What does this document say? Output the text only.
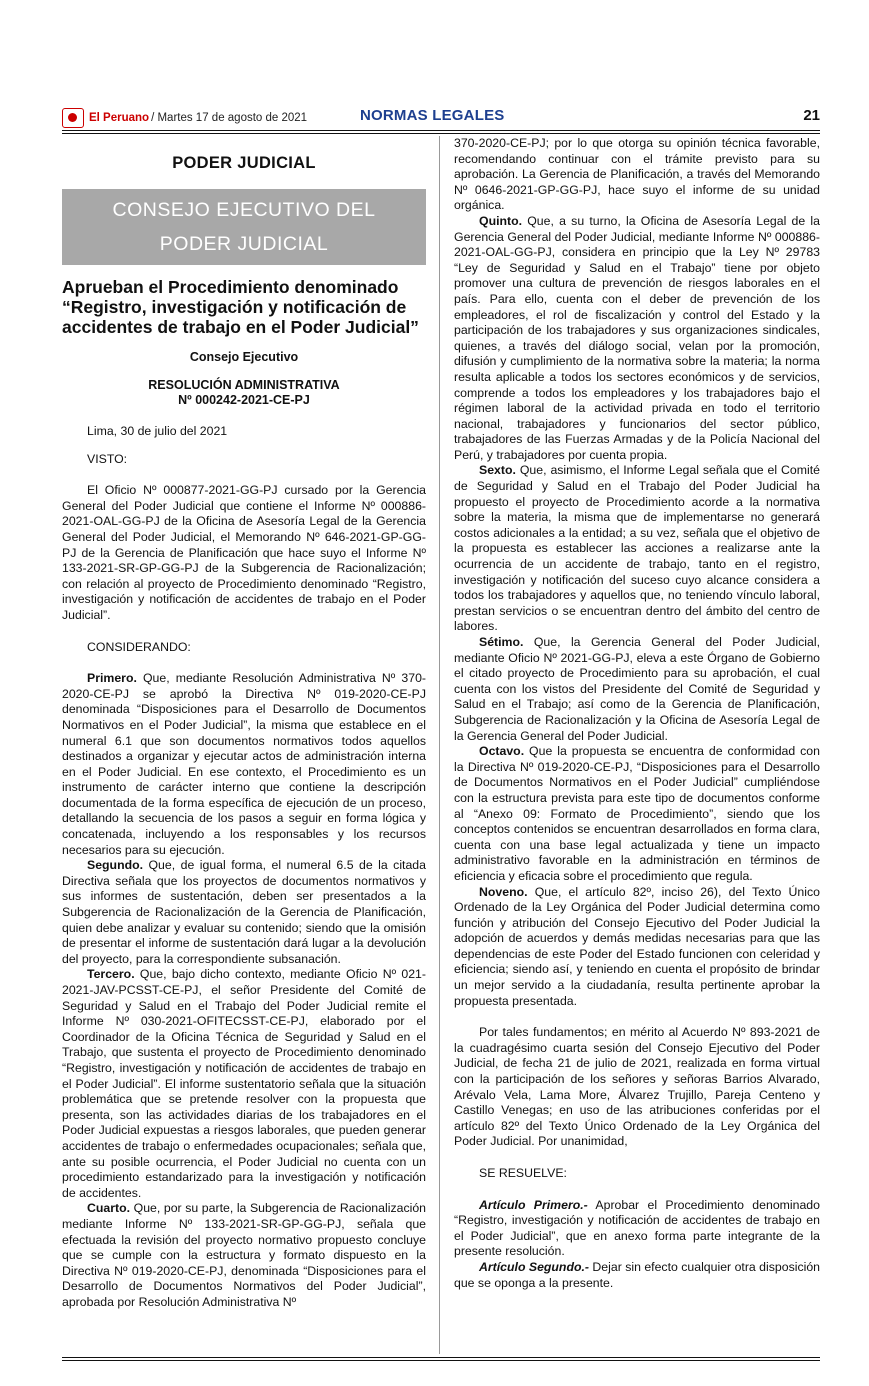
El Peruano / Martes 17 de agosto de 2021	NORMAS LEGALES	21
PODER JUDICIAL
CONSEJO EJECUTIVO DEL
PODER JUDICIAL
Aprueban el Procedimiento denominado “Registro, investigación y notificación de accidentes de trabajo en el Poder Judicial”
Consejo Ejecutivo
RESOLUCIÓN ADMINISTRATIVA
Nº 000242-2021-CE-PJ

Lima, 30 de julio del 2021

VISTO:

El Oficio Nº 000877-2021-GG-PJ cursado por la Gerencia General del Poder Judicial que contiene el Informe Nº 000886-2021-OAL-GG-PJ de la Oficina de Asesoría Legal de la Gerencia General del Poder Judicial, el Memorando Nº 646-2021-GP-GG-PJ de la Gerencia de Planificación que hace suyo el Informe Nº 133-2021-SR-GP-GG-PJ de la Subgerencia de Racionalización; con relación al proyecto de Procedimiento denominado “Registro, investigación y notificación de accidentes de trabajo en el Poder Judicial”.

CONSIDERANDO:

Primero. Que, mediante Resolución Administrativa Nº 370-2020-CE-PJ se aprobó la Directiva Nº 019-2020-CE-PJ denominada “Disposiciones para el Desarrollo de Documentos Normativos en el Poder Judicial”, la misma que establece en el numeral 6.1 que son documentos normativos todos aquellos destinados a organizar y ejecutar actos de administración interna en el Poder Judicial. En ese contexto, el Procedimiento es un instrumento de carácter interno que contiene la descripción documentada de la forma específica de ejecución de un proceso, detallando la secuencia de los pasos a seguir en forma lógica y concatenada, incluyendo a los responsables y los recursos necesarios para su ejecución.

Segundo. Que, de igual forma, el numeral 6.5 de la citada Directiva señala que los proyectos de documentos normativos y sus informes de sustentación, deben ser presentados a la Subgerencia de Racionalización de la Gerencia de Planificación, quien debe analizar y evaluar su contenido; siendo que la omisión de presentar el informe de sustentación dará lugar a la devolución del proyecto, para la correspondiente subsanación.

Tercero. Que, bajo dicho contexto, mediante Oficio Nº 021-2021-JAV-PCSST-CE-PJ, el señor Presidente del Comité de Seguridad y Salud en el Trabajo del Poder Judicial remite el Informe Nº 030-2021-OFITECSST-CE-PJ, elaborado por el Coordinador de la Oficina Técnica de Seguridad y Salud en el Trabajo, que sustenta el proyecto de Procedimiento denominado “Registro, investigación y notificación de accidentes de trabajo en el Poder Judicial”. El informe sustentatorio señala que la situación problemática que se pretende resolver con la propuesta que presenta, son las actividades diarias de los trabajadores en el Poder Judicial expuestas a riesgos laborales, que pueden generar accidentes de trabajo o enfermedades ocupacionales; señala que, ante su posible ocurrencia, el Poder Judicial no cuenta con un procedimiento estandarizado para la investigación y notificación de accidentes.

Cuarto. Que, por su parte, la Subgerencia de Racionalización mediante Informe Nº 133-2021-SR-GP-GG-PJ, señala que efectuada la revisión del proyecto normativo propuesto concluye que se cumple con la estructura y formato dispuesto en la Directiva Nº 019-2020-CE-PJ, denominada “Disposiciones para el Desarrollo de Documentos Normativos del Poder Judicial”, aprobada por Resolución Administrativa Nº

370-2020-CE-PJ; por lo que otorga su opinión técnica favorable, recomendando continuar con el trámite previsto para su aprobación. La Gerencia de Planificación, a través del Memorando Nº 0646-2021-GP-GG-PJ, hace suyo el informe de su unidad orgánica.

Quinto. Que, a su turno, la Oficina de Asesoría Legal de la Gerencia General del Poder Judicial, mediante Informe Nº 000886-2021-OAL-GG-PJ, considera en principio que la Ley Nº 29783 “Ley de Seguridad y Salud en el Trabajo” tiene por objeto promover una cultura de prevención de riesgos laborales en el país. Para ello, cuenta con el deber de prevención de los empleadores, el rol de fiscalización y control del Estado y la participación de los trabajadores y sus organizaciones sindicales, quienes, a través del diálogo social, velan por la promoción, difusión y cumplimiento de la normativa sobre la materia; la norma resulta aplicable a todos los sectores económicos y de servicios, comprende a todos los empleadores y los trabajadores bajo el régimen laboral de la actividad privada en todo el territorio nacional, trabajadores y funcionarios del sector público, trabajadores de las Fuerzas Armadas y de la Policía Nacional del Perú, y trabajadores por cuenta propia.

Sexto. Que, asimismo, el Informe Legal señala que el Comité de Seguridad y Salud en el Trabajo del Poder Judicial ha propuesto el proyecto de Procedimiento acorde a la normativa sobre la materia, la misma que de implementarse no generará costos adicionales a la entidad; a su vez, señala que el objetivo de la propuesta es establecer las acciones a realizarse ante la ocurrencia de un accidente de trabajo, tanto en el registro, investigación y notificación del suceso cuyo alcance considera a todos los trabajadores y aquellos que, no teniendo vínculo laboral, prestan servicios o se encuentran dentro del ámbito del centro de labores.

Sétimo. Que, la Gerencia General del Poder Judicial, mediante Oficio Nº 2021-GG-PJ, eleva a este Órgano de Gobierno el citado proyecto de Procedimiento para su aprobación, el cual cuenta con los vistos del Presidente del Comité de Seguridad y Salud en el Trabajo; así como de la Gerencia de Planificación, Subgerencia de Racionalización y la Oficina de Asesoría Legal de la Gerencia General del Poder Judicial.

Octavo. Que la propuesta se encuentra de conformidad con la Directiva Nº 019-2020-CE-PJ, “Disposiciones para el Desarrollo de Documentos Normativos en el Poder Judicial” cumpliéndose con la estructura prevista para este tipo de documentos conforme al “Anexo 09: Formato de Procedimiento”, siendo que los conceptos contenidos se encuentran desarrollados en forma clara, cuenta con una base legal actualizada y tiene un impacto administrativo favorable en la administración en términos de eficiencia y eficacia sobre el procedimiento que regula.

Noveno. Que, el artículo 82º, inciso 26), del Texto Único Ordenado de la Ley Orgánica del Poder Judicial determina como función y atribución del Consejo Ejecutivo del Poder Judicial la adopción de acuerdos y demás medidas necesarias para que las dependencias de este Poder del Estado funcionen con celeridad y eficiencia; siendo así, y teniendo en cuenta el propósito de brindar un mejor servido a la ciudadanía, resulta pertinente aprobar la propuesta presentada.

Por tales fundamentos; en mérito al Acuerdo Nº 893-2021 de la cuadragésimo cuarta sesión del Consejo Ejecutivo del Poder Judicial, de fecha 21 de julio de 2021, realizada en forma virtual con la participación de los señores y señoras Barrios Alvarado, Arévalo Vela, Lama More, Álvarez Trujillo, Pareja Centeno y Castillo Venegas; en uso de las atribuciones conferidas por el artículo 82º del Texto Único Ordenado de la Ley Orgánica del Poder Judicial. Por unanimidad,

SE RESUELVE:

Artículo Primero.- Aprobar el Procedimiento denominado “Registro, investigación y notificación de accidentes de trabajo en el Poder Judicial”, que en anexo forma parte integrante de la presente resolución.

Artículo Segundo.- Dejar sin efecto cualquier otra disposición que se oponga a la presente.
